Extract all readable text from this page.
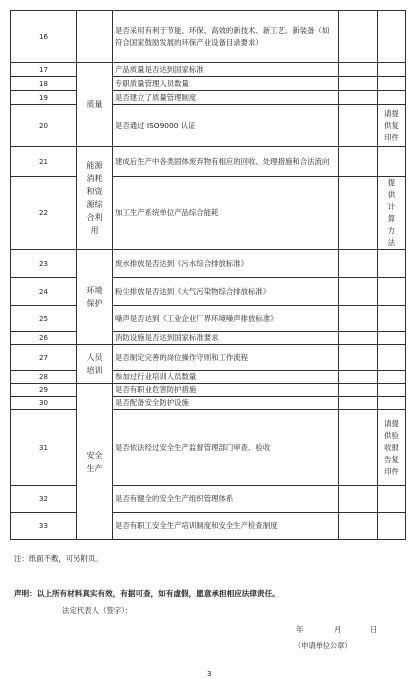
16		是否采用有利于节能、环保、高效的新技术、新工艺、新装备（如符合国家鼓励发展的环保产业设备目录要求）		
17	质量	产品质量是否达到国家标准		
18		专职质量管理人员数量		
19		是否建立了质量管理制度		
20		是否通过 ISO9000 认证		请提供复印件

21	能源消耗和资源综合利用	建成后生产中各类固体废弃物有相应的回收、处理措施和合法流向		
22		加工生产系统单位产品综合能耗		提供计算方法

23	环境保护	废水排放是否达到《污水综合排放标准》		
24		粉尘排放是否达到《大气污染物综合排放标准》		
25		噪声是否达到《工业企业厂界环境噪声排放标准》		
26		消防设施是否达到国家标准要求		
27	人员培训	是否制定完善的岗位操作守则和工作流程		
28		参加过行业培训人员数量		
29	安全生产	是否有职业危害防护措施		
30		是否配备安全防护设施		
31		是否依法经过安全生产监督管理部门审查、验收		请提供验收报告复印件

32		是否有健全的安全生产组织管理体系		
33		是否有职工安全生产培训制度和安全生产检查制度		
注：纸面不敷，可另附页。
声明：以上所有材料真实有效，有据可查，如有虚假，愿意承担相应法律责任。
法定代表人（签字）：
年	月	日
（申请单位公章）
3
